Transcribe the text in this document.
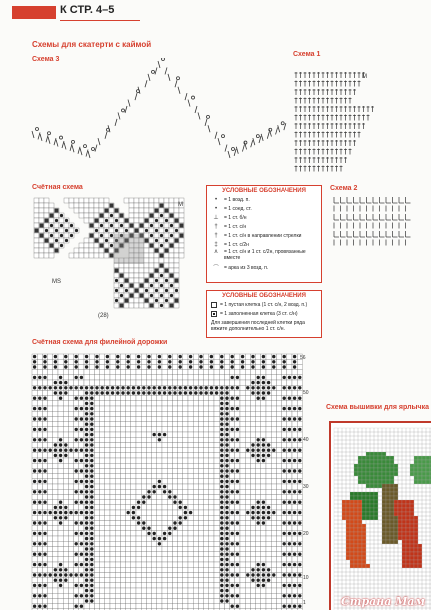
К СТР. 4–5
Схемы для скатерти с каймой
Схема 3
Схема 1
М
Счётная схема
М
MS
(28)
УСЛОВНЫЕ ОБОЗНАЧЕНИЯ
•	= 1 возд. п.
•	= 1 соед. ст.
⊥	= 1 ст. б/н
†	= 1 ст. с/н
†	= 1 ст. с/н в направлении стрелки
‡	= 1 ст. с/2н
ʌ	= 1 ст. с/н и 1 ст. с/2н, провязанные вместе
⌒	= арка из 3 возд. п.
УСЛОВНЫЕ ОБОЗНАЧЕНИЯ
= 1 пустая клетка (1 ст. с/н, 2 возд. п.)
= 1 заполненная клетка (3 ст. с/н)
Для завершения последней клетки ряда вяжите дополнительно 1 ст. с/н.
Схема 2
Счётная схема для филейной дорожки
56
50
40
30
20
10
1
Схема вышивки для ярлычка
Страна Мам
